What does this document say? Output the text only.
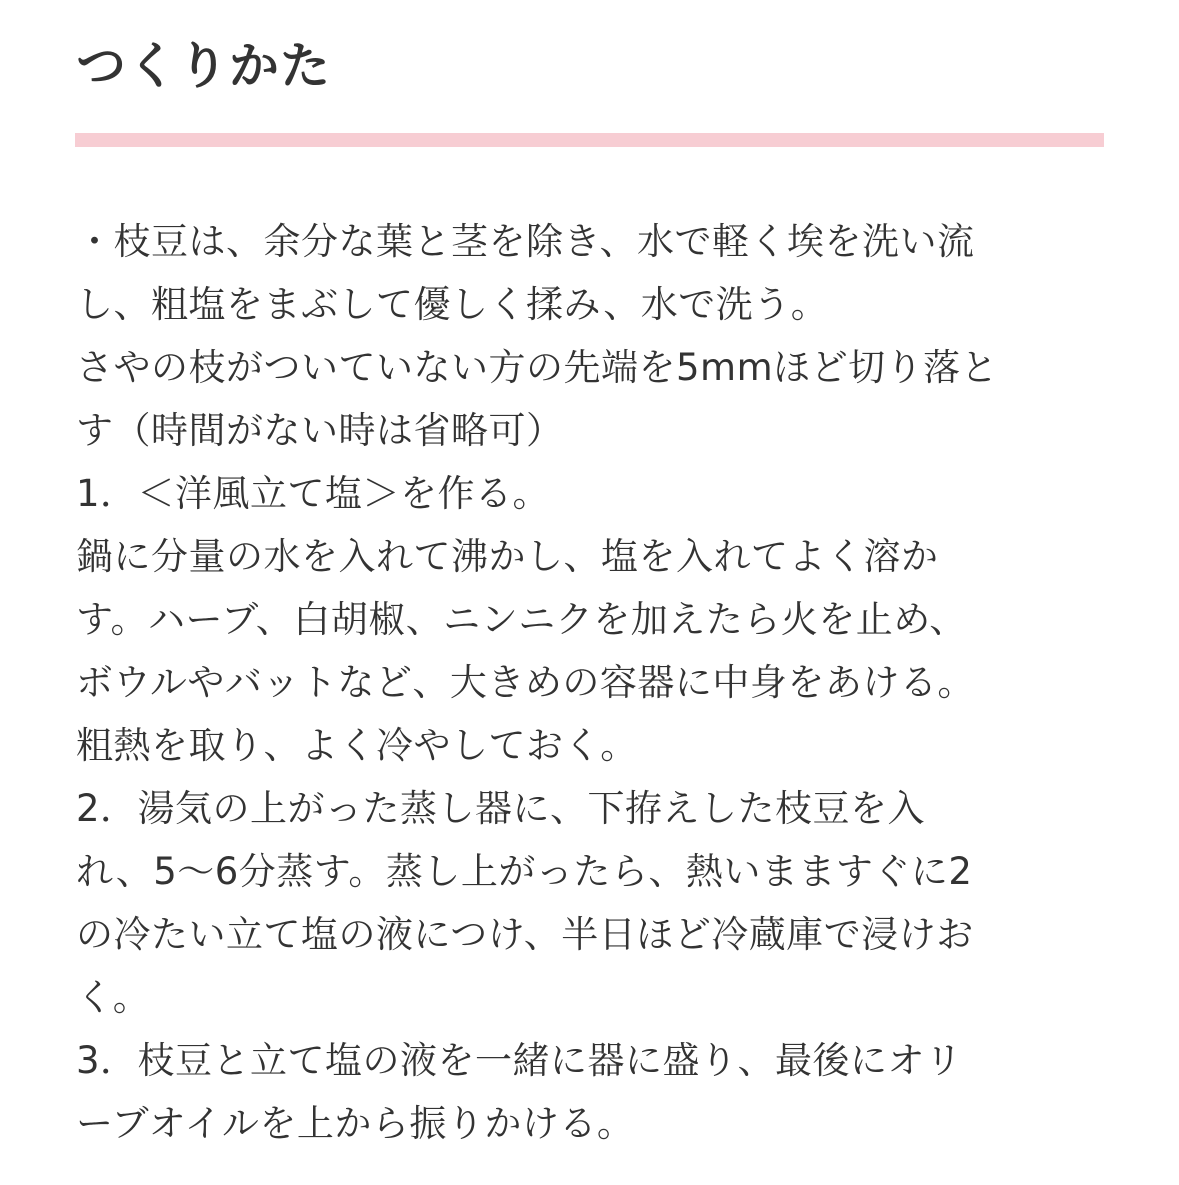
つくりかた
・枝豆は、余分な葉と茎を除き、水で軽く埃を洗い流
し、粗塩をまぶして優しく揉み、水で洗う。
さやの枝がついていない方の先端を5mmほど切り落と
す（時間がない時は省略可）
1．＜洋風立て塩＞を作る。
鍋に分量の水を入れて沸かし、塩を入れてよく溶か
す。ハーブ、白胡椒、ニンニクを加えたら火を止め、
ボウルやバットなど、大きめの容器に中身をあける。
粗熱を取り、よく冷やしておく。
2．湯気の上がった蒸し器に、下拵えした枝豆を入
れ、5〜6分蒸す。蒸し上がったら、熱いまますぐに2
の冷たい立て塩の液につけ、半日ほど冷蔵庫で浸けお
く。
3．枝豆と立て塩の液を一緒に器に盛り、最後にオリ
ーブオイルを上から振りかける。
